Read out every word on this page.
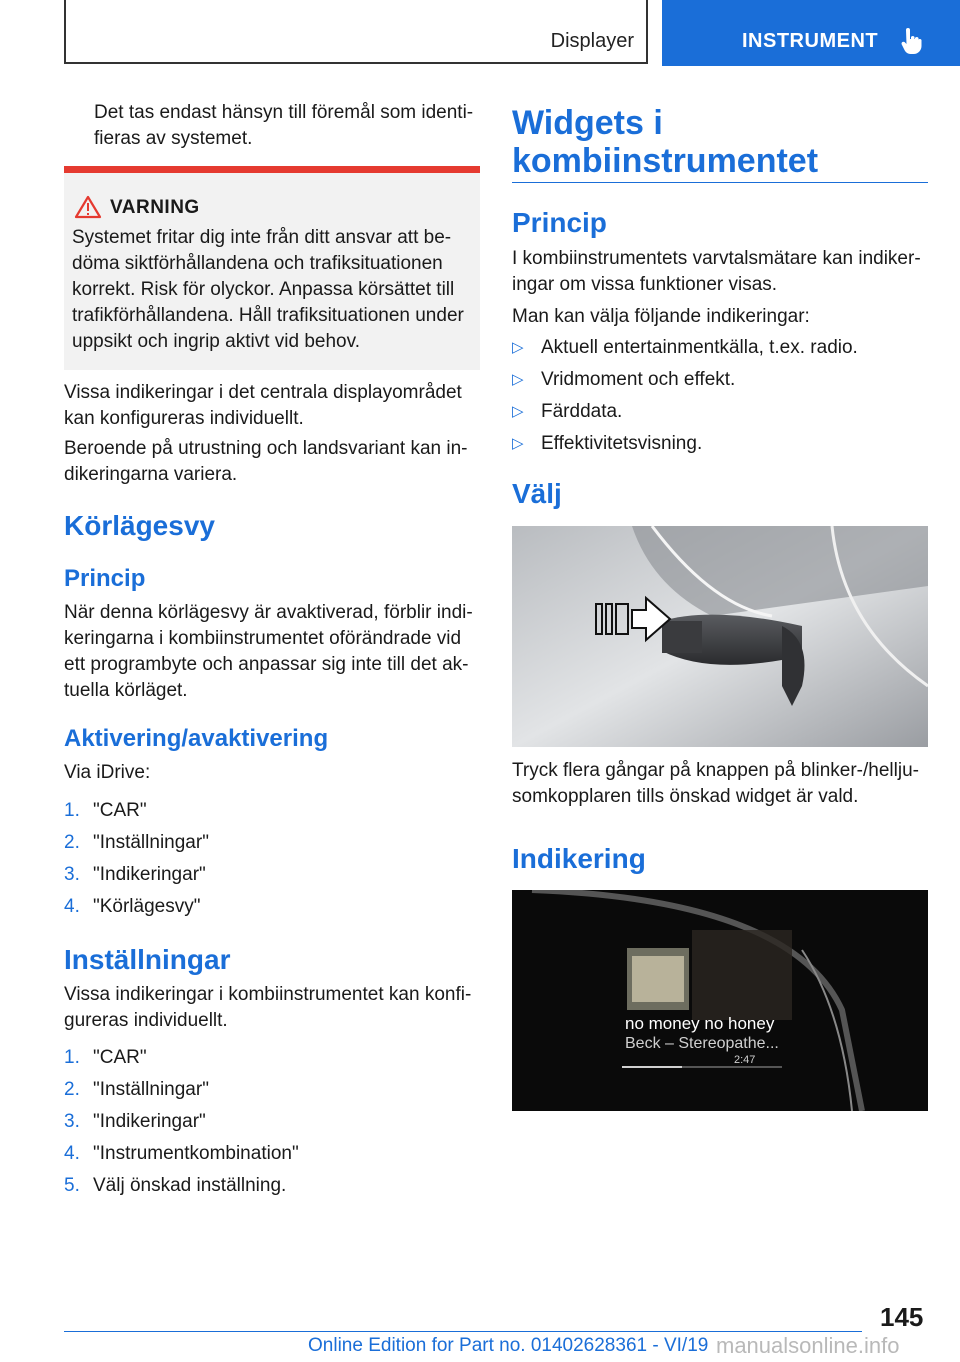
Displayer	INSTRUMENT

Det tas endast hänsyn till föremål som identi-fieras av systemet.

VARNING

Systemet fritar dig inte från ditt ansvar att be-döma siktförhållandena och trafiksituationen korrekt. Risk för olyckor. Anpassa körsättet till trafikförhållandena. Håll trafiksituationen under uppsikt och ingrip aktivt vid behov.

Vissa indikeringar i det centrala displayområdet kan konfigureras individuellt.

Beroende på utrustning och landsvariant kan in-dikeringarna variera.

Körlägesvy
Princip

När denna körlägesvy är avaktiverad, förblir indi-keringarna i kombiinstrumentet oförändrade vid ett programbyte och anpassar sig inte till det ak-tuella körläget.

Aktivering/avaktivering

Via iDrive:

1. "CAR"
2. "Inställningar"
3. "Indikeringar"
4. "Körlägesvy"
Inställningar

Vissa indikeringar i kombiinstrumentet kan konfi-gureras individuellt.

1. "CAR"
2. "Inställningar"
3. "Indikeringar"
4. "Instrumentkombination"
5. Välj önskad inställning.
Widgets i
kombiinstrumentet
Princip

I kombiinstrumentets varvtalsmätare kan indiker-ingar om vissa funktioner visas.

Man kan välja följande indikeringar:

▷ Aktuell entertainmentkälla, t.ex. radio.
▷ Vridmoment och effekt.
▷ Färddata.
▷ Effektivitetsvisning.
Välj

Tryck flera gångar på knappen på blinker-/hellju-somkopplaren tills önskad widget är vald.

Indikering
no money no honey
Beck – Stereopathe...
2:47
145
Online Edition for Part no. 01402628361 - VI/19 manualsonline.info
